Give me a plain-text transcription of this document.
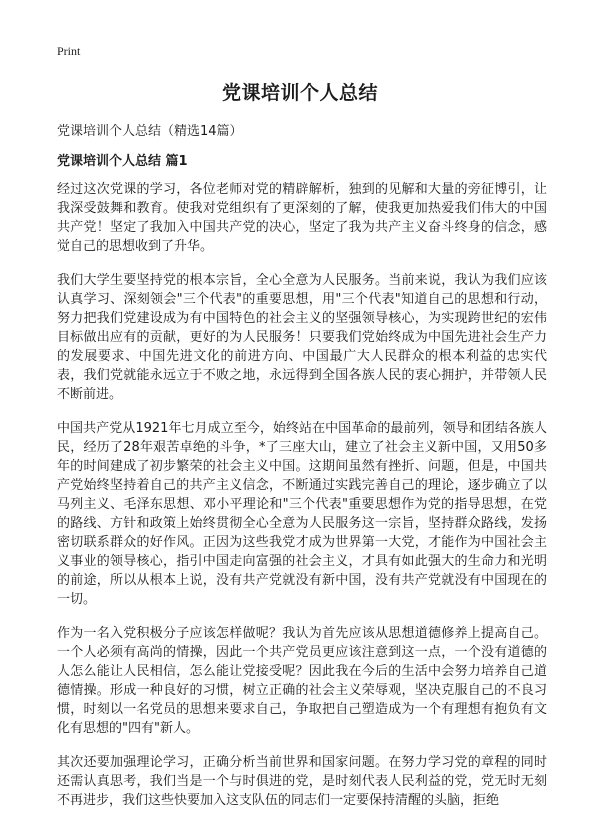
Print
党课培训个人总结

党课培训个人总结（精选14篇）

党课培训个人总结 篇1

经过这次党课的学习，各位老师对党的精辟解析，独到的见解和大量的旁征博引，让我深受鼓舞和教育。使我对党组织有了更深刻的了解，使我更加热爱我们伟大的中国共产党！坚定了我加入中国共产党的决心，坚定了我为共产主义奋斗终身的信念，感觉自己的思想收到了升华。

我们大学生要坚持党的根本宗旨，全心全意为人民服务。当前来说，我认为我们应该认真学习、深刻领会"三个代表"的重要思想，用"三个代表"知道自己的思想和行动，努力把我们党建设成为有中国特色的社会主义的坚强领导核心，为实现跨世纪的宏伟目标做出应有的贡献，更好的为人民服务！只要我们党始终成为中国先进社会生产力的发展要求、中国先进文化的前进方向、中国最广大人民群众的根本利益的忠实代表，我们党就能永远立于不败之地，永远得到全国各族人民的衷心拥护，并带领人民不断前进。

中国共产党从1921年七月成立至今，始终站在中国革命的最前列，领导和团结各族人民，经历了28年艰苦卓绝的斗争，*了三座大山，建立了社会主义新中国，又用50多年的时间建成了初步繁荣的社会主义中国。这期间虽然有挫折、问题，但是，中国共产党始终坚持着自己的共产主义信念，不断通过实践完善自己的理论，逐步确立了以马列主义、毛泽东思想、邓小平理论和"三个代表"重要思想作为党的指导思想，在党的路线、方针和政策上始终贯彻全心全意为人民服务这一宗旨，坚持群众路线，发扬密切联系群众的好作风。正因为这些我党才成为世界第一大党，才能作为中国社会主义事业的领导核心，指引中国走向富强的社会主义，才具有如此强大的生命力和光明的前途，所以从根本上说，没有共产党就没有新中国，没有共产党就没有中国现在的一切。

作为一名入党积极分子应该怎样做呢？我认为首先应该从思想道德修养上提高自己。一个人必须有高尚的情操，因此一个共产党员更应该注意到这一点，一个没有道德的人怎么能让人民相信，怎么能让党接受呢？因此我在今后的生活中会努力培养自己道德情操。形成一种良好的习惯，树立正确的社会主义荣辱观，坚决克服自己的不良习惯，时刻以一名党员的思想来要求自己，争取把自己塑造成为一个有理想有抱负有文化有思想的"四有"新人。

其次还要加强理论学习，正确分析当前世界和国家问题。在努力学习党的章程的同时还需认真思考，我们当是一个与时俱进的党，是时刻代表人民利益的党，党无时无刻不再进步，我们这些快要加入这支队伍的同志们一定要保持清醒的头脑，拒绝
